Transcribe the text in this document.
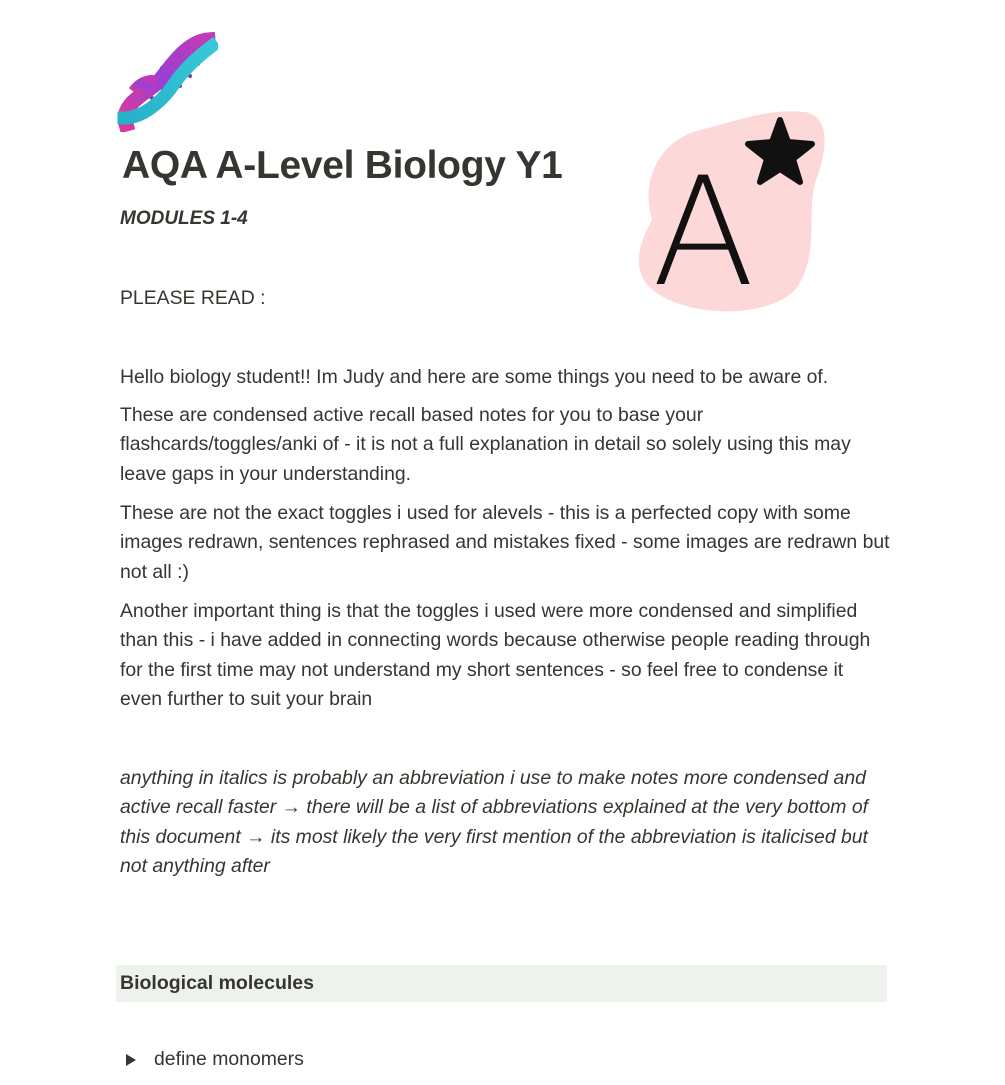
AQA A-Level Biology Y1

MODULES 1-4	A

PLEASE READ :

Hello biology student!! Im Judy and here are some things you need to be aware of.

These are condensed active recall based notes for you to base your flashcards/toggles/anki of - it is not a full explanation in detail so solely using this may leave gaps in your understanding.

These are not the exact toggles i used for alevels - this is a perfected copy with some images redrawn, sentences rephrased and mistakes fixed - some images are redrawn but not all :)

Another important thing is that the toggles i used were more condensed and simplified than this - i have added in connecting words because otherwise people reading through for the first time may not understand my short sentences - so feel free to condense it even further to suit your brain

anything in italics is probably an abbreviation i use to make notes more condensed and active recall faster → there will be a list of abbreviations explained at the very bottom of this document → its most likely the very first mention of the abbreviation is italicised but not anything after

Biological molecules
define monomers
